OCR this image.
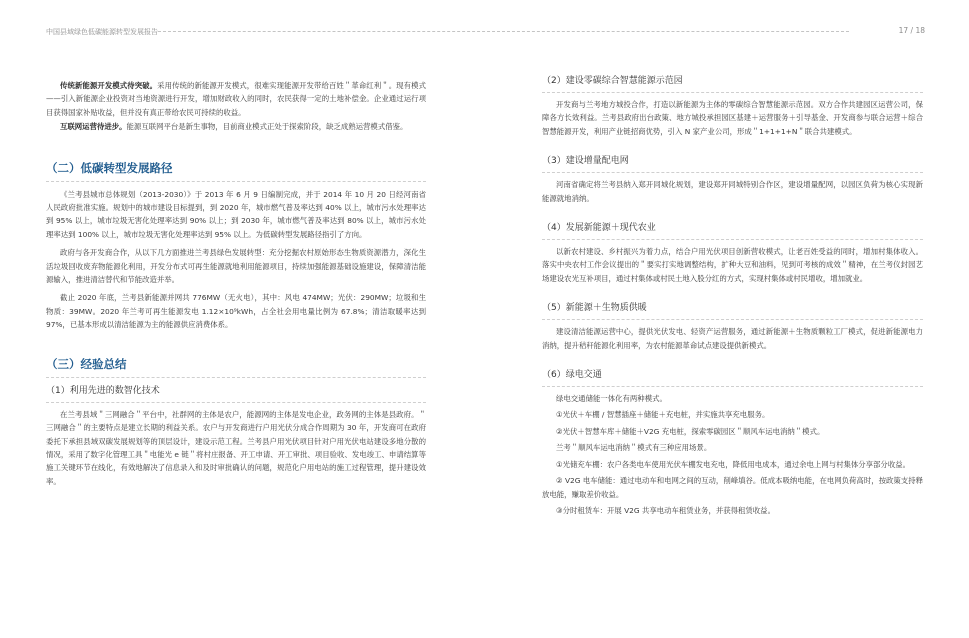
中国县域绿色低碳能源转型发展报告	17 / 18

传统新能源开发模式待突破。采用传统的新能源开发模式，很难实现能源开发带给百姓＂革命红利＂。现有模式——引入新能源企业投资对当地资源进行开发，增加财政收入的同时，农民获得一定的土地补偿金。企业通过运行项目获得国家补贴收益，但并没有真正带给农民可持续的收益。

互联网运营待进步。能源互联网平台是新生事物，目前商业模式正处于探索阶段，缺乏成熟运营模式借鉴。

（二）低碳转型发展路径

《兰考县城市总体规划（2013-2030）》于 2013 年 6 月 9 日编制完成，并于 2014 年 10 月 20 日经河南省人民政府批准实施。规划中的城市建设目标提到，到 2020 年，城市燃气普及率达到 40% 以上，城市污水处理率达到 95% 以上，城市垃圾无害化处理率达到 90% 以上；到 2030 年，城市燃气普及率达到 80% 以上，城市污水处理率达到 100% 以上，城市垃圾无害化处理率达到 95% 以上。为低碳转型发展路径指引了方向。

政府与各开发商合作，从以下几方面推进兰考县绿色发展转型：充分挖掘农村原始形态生物质资源潜力，深化生活垃圾回收废弃物能源化利用，开发分布式可再生能源就地利用能源项目，持续加强能源基础设施建设，保障清洁能源输入，推进清洁替代和节能改造并举。

截止 2020 年底，兰考县新能源并网共 776MW（无火电），其中：风电 474MW；光伏：290MW；垃圾和生物质：39MW。2020 年兰考可再生能源发电 1.12×10⁹kWh，占全社会用电量比例为 67.8%；清洁取暖率达到 97%，已基本形成以清洁能源为主的能源供应消费体系。

（三）经验总结
（1）利用先进的数智化技术

在兰考县域＂三网融合＂平台中，社群网的主体是农户，能源网的主体是发电企业，政务网的主体是县政府。＂三网融合＂的主要特点是建立长期的利益关系。农户与开发商进行户用光伏分成合作周期为 30 年，开发商可在政府委托下承担县域双碳发展规划等的顶层设计，建设示范工程。兰考县户用光伏项目针对户用光伏电站建设多地分散的情况，采用了数字化管理工具＂电能光 e 链＂将村庄报备、开工申请、开工审批、项目验收、发电竣工、申请结算等施工关键环节在线化，有效地解决了信息录入和及时审批确认的问题，规范化户用电站的施工过程管理，提升建设效率。

（2）建设零碳综合智慧能源示范园

开发商与兰考地方城投合作，打造以新能源为主体的零碳综合智慧能源示范园。双方合作共建园区运营公司，保障各方长效利益。兰考县政府出台政策、地方城投承担园区基建＋运营服务＋引导基金、开发商参与联合运营＋综合智慧能源开发，利用产业链招商优势，引入 N 家产业公司，形成＂1+1+1+N＂联合共建模式。

（3）建设增量配电网

河南省确定将兰考县纳入郑开同城化规划，建设郑开同城特别合作区，建设增量配网，以园区负荷为核心实现新能源就地消纳。

（4）发展新能源＋现代农业

以新农村建设、乡村振兴为着力点，结合户用光伏项目创新营收模式，让老百姓受益的同时，增加村集体收入。落实中央农村工作会议提出的＂要实打实地调整结构，扩种大豆和油料，见到可考核的成效＂精神，在兰考仪封园艺场建设农光互补项目，通过村集体或村民土地入股分红的方式，实现村集体或村民增收，增加就业。

（5）新能源＋生物质供暖

建设清洁能源运营中心，提供光伏发电、轻资产运营服务，通过新能源＋生物质颗粒工厂模式，促进新能源电力消纳，提升秸秆能源化利用率，为农村能源革命试点建设提供新模式。

（6）绿电交通

绿电交通储能一体化有两种模式。

①光伏＋车棚 / 智慧插座＋储能＋充电桩，并实施共享充电服务。

②光伏＋智慧车库＋储能＋V2G 充电桩，探索零碳园区＂顺风车运电消纳＂模式。

兰考＂顺风车运电消纳＂模式有三种应用场景。

①光储充车棚：农户各类电车使用光伏车棚发电充电，降低用电成本，通过余电上网与村集体分享部分收益。

② V2G 电车储能：通过电动车和电网之间的互动，削峰填谷。低成本吸纳电能，在电网负荷高时，按政策支持释放电能，赚取差价收益。

③分时租赁车：开展 V2G 共享电动车租赁业务，并获得租赁收益。
